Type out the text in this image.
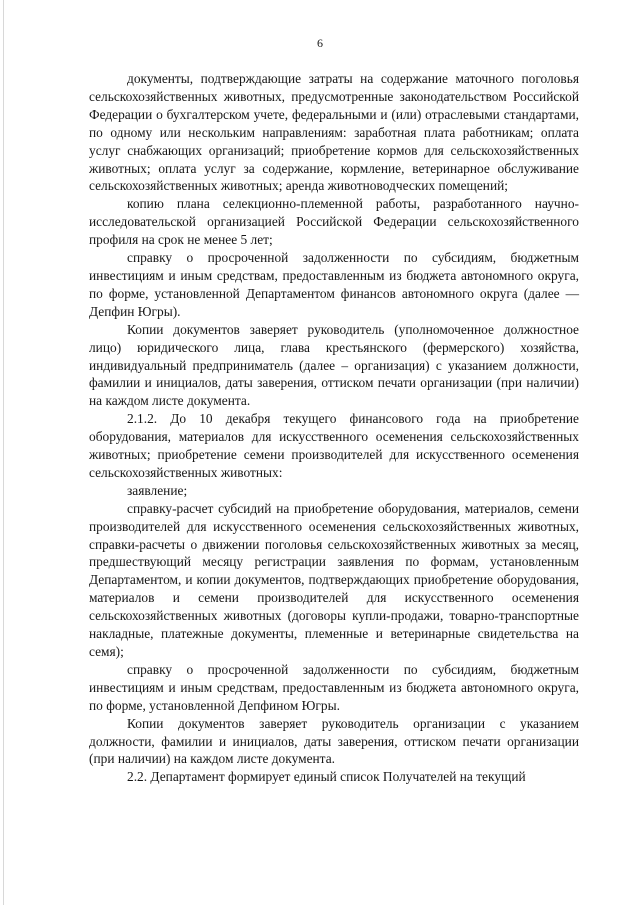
6

документы, подтверждающие затраты на содержание маточного поголовья сельскохозяйственных животных, предусмотренные законодательством Российской Федерации о бухгалтерском учете, федеральными и (или) отраслевыми стандартами, по одному или нескольким направлениям: заработная плата работникам; оплата услуг снабжающих организаций; приобретение кормов для сельскохозяйственных животных; оплата услуг за содержание, кормление, ветеринарное обслуживание сельскохозяйственных животных; аренда животноводческих помещений;

копию плана селекционно-племенной работы, разработанного научно-исследовательской организацией Российской Федерации сельскохозяйственного профиля на срок не менее 5 лет;

справку о просроченной задолженности по субсидиям, бюджетным инвестициям и иным средствам, предоставленным из бюджета автономного округа, по форме, установленной Департаментом финансов автономного округа (далее — Депфин Югры).

Копии документов заверяет руководитель (уполномоченное должностное лицо) юридического лица, глава крестьянского (фермерского) хозяйства, индивидуальный предприниматель (далее – организация) с указанием должности, фамилии и инициалов, даты заверения, оттиском печати организации (при наличии) на каждом листе документа.

2.1.2. До 10 декабря текущего финансового года на приобретение оборудования, материалов для искусственного осеменения сельскохозяйственных животных; приобретение семени производителей для искусственного осеменения сельскохозяйственных животных:

заявление;

справку-расчет субсидий на приобретение оборудования, материалов, семени производителей для искусственного осеменения сельскохозяйственных животных, справки-расчеты о движении поголовья сельскохозяйственных животных за месяц, предшествующий месяцу регистрации заявления по формам, установленным Департаментом, и копии документов, подтверждающих приобретение оборудования, материалов и семени производителей для искусственного осеменения сельскохозяйственных животных (договоры купли-продажи, товарно-транспортные накладные, платежные документы, племенные и ветеринарные свидетельства на семя);

справку о просроченной задолженности по субсидиям, бюджетным инвестициям и иным средствам, предоставленным из бюджета автономного округа, по форме, установленной Депфином Югры.

Копии документов заверяет руководитель организации с указанием должности, фамилии и инициалов, даты заверения, оттиском печати организации (при наличии) на каждом листе документа.

2.2. Департамент формирует единый список Получателей на текущий
